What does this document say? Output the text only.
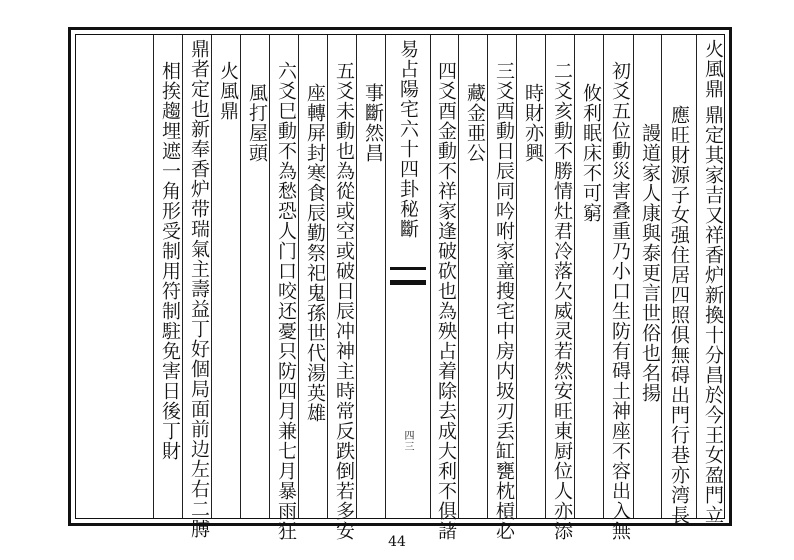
易占陽宅六十四卦秘斷
四三
火風鼎
鼎定其家吉又祥香炉新換十分昌於今王女盈門立
應旺財源子女强住居四照俱無碍出門行巷亦湾長
謾道家人康與泰更言世俗也名揚
初爻五位動災害叠重乃小口生防有碍土神座不容出入無
攸利眠床不可窮
二爻亥動不勝情灶君冷落欠威灵若然安旺東厨位人亦添
時財亦興
三爻酉動日辰同吟咐家童搜宅中房内圾刃丢缸甕枕槓必
藏金亜公
四爻酉金動不祥家逢破砍也為殃占着除去成大利不俱諸
事斷然昌
五爻未動也為從或空或破日辰冲神主時常反跌倒若多安
座轉屏封寒食辰勤祭祀鬼孫世代湯英雄
六爻巳動不為愁恐人门口咬还憂只防四月兼七月暴雨狂
風打屋頭
火風鼎
鼎者定也新奉香炉带瑞氣主壽益丁好個局面前边左右二膊
相挨趨埋遮一角形受制用符制駐免害日後丁財
44
